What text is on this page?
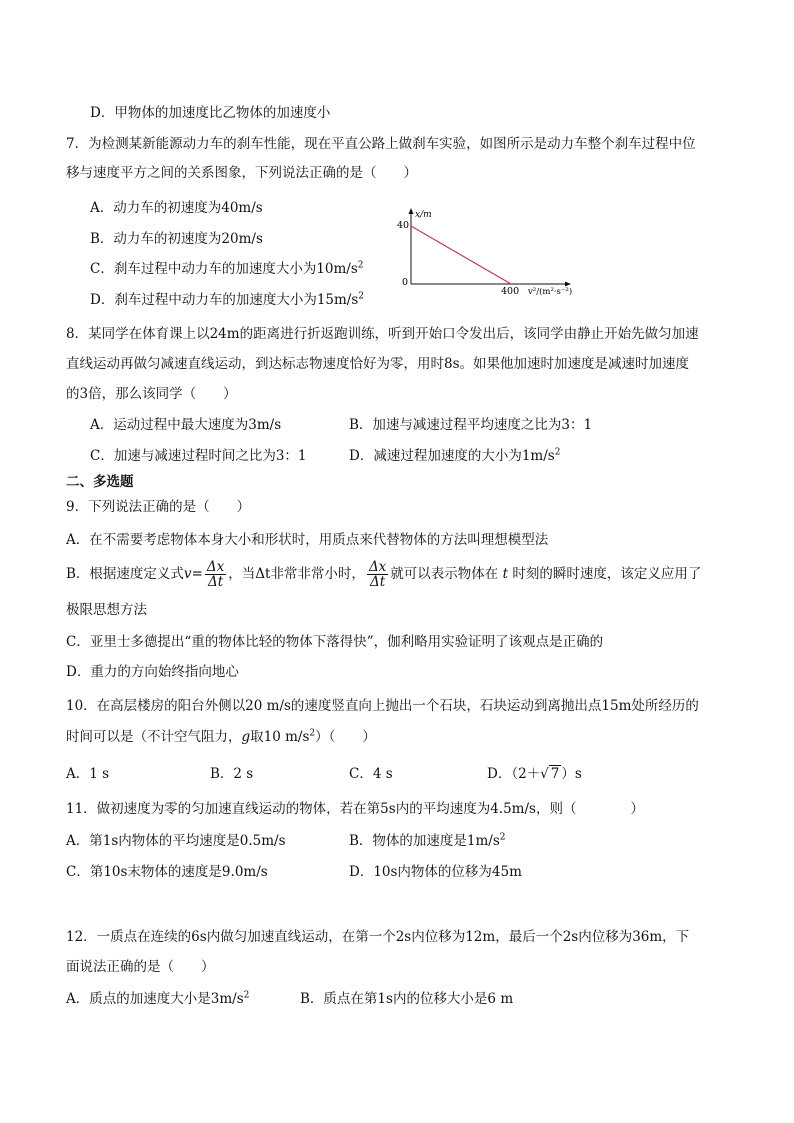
D．甲物体的加速度比乙物体的加速度小
7．为检测某新能源动力车的刹车性能，现在平直公路上做刹车实验，如图所示是动力车整个刹车过程中位
移与速度平方之间的关系图象，下列说法正确的是（　　）
A．动力车的初速度为40m/s
B．动力车的初速度为20m/s
C．刹车过程中动力车的加速度大小为$10m/s^2$
D．刹车过程中动力车的加速度大小为$15m/s^2$
x/m
40
0
400 v²/(m²·s⁻²)
8．某同学在体育课上以24m的距离进行折返跑训练，听到开始口令发出后，该同学由静止开始先做匀加速
直线运动再做匀减速直线运动，到达标志物速度恰好为零，用时8s。如果他加速时加速度是减速时加速度
的3倍，那么该同学（　　）
A．运动过程中最大速度为3m/s	B．加速与减速过程平均速度之比为3：1
C．加速与减速过程时间之比为3：1	D．减速过程加速度的大小为$1m/s^2$
二、多选题
9．下列说法正确的是（　　）
A．在不需要考虑物体本身大小和形状时，用质点来代替物体的方法叫理想模型法
B．根据速度定义式$v= \frac{\Delta x}{\Delta t}$ ，当Δt非常非常小时， $\frac{\Delta x}{\Delta t}$ 就可以表示物体在 t 时刻的瞬时速度，该定义应用了
极限思想方法
C．亚里士多德提出“重的物体比轻的物体下落得快”，伽利略用实验证明了该观点是正确的
D．重力的方向始终指向地心
10．在高层楼房的阳台外侧以20 m/s的速度竖直向上抛出一个石块，石块运动到离抛出点15m处所经历的
时间可以是（不计空气阻力，g取10 $m/s^2$）（　　）
A．1 s	B．2 s	C．4 s	D．（2＋√ 7 ）s
11．做初速度为零的匀加速直线运动的物体，若在第5s内的平均速度为4.5m/s，则（　　　　）
A．第1s内物体的平均速度是0.5m/s	B．物体的加速度是$1m/s^2$
C．第10s末物体的速度是9.0m/s	D．10s内物体的位移为45m
12．一质点在连续的6s内做匀加速直线运动，在第一个2s内位移为12m，最后一个2s内位移为36m，下
面说法正确的是（　　）
A．质点的加速度大小是$3m/s^2$	B．质点在第1s内的位移大小是6 m
